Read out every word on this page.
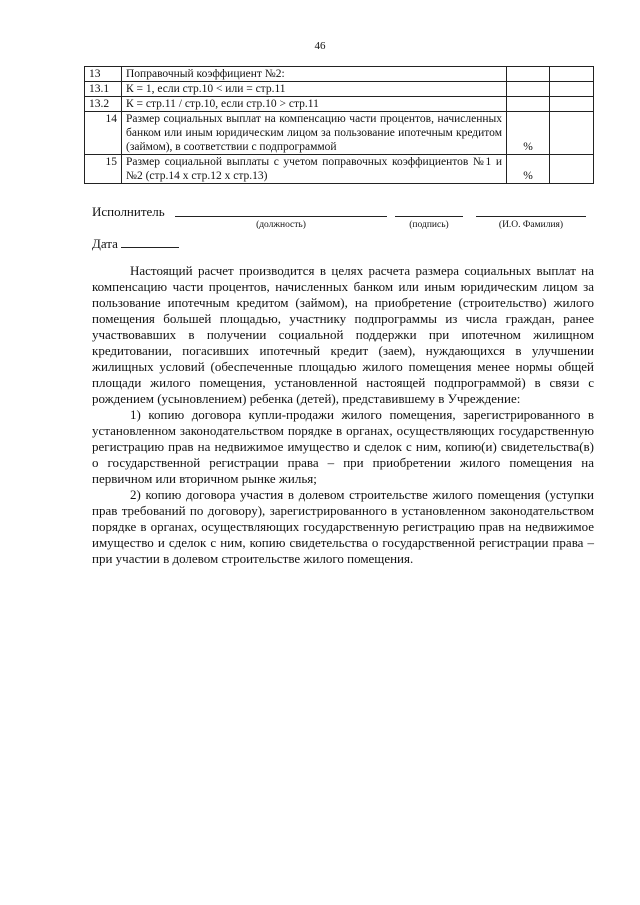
46
13	Поправочный коэффициент №2:		
13.1	К = 1, если стр.10 < или = стр.11		
13.2	К = стр.11 / стр.10, если стр.10 > стр.11		
14	Размер социальных выплат на компенсацию части процентов, начисленных банком или иным юридическим лицом за пользование ипотечным кредитом (займом), в соответствии с подпрограммой	%	
15	Размер социальной выплаты с учетом поправочных коэффициентов №1 и №2 (стр.14 х стр.12 х стр.13)	%	
Исполнитель
(должность)	(подпись)	(И.О. Фамилия)
Дата

Настоящий расчет производится в целях расчета размера социальных выплат на компенсацию части процентов, начисленных банком или иным юридическим лицом за пользование ипотечным кредитом (займом), на приобретение (строительство) жилого помещения большей площадью, участнику подпрограммы из числа граждан, ранее участвовавших в получении социальной поддержки при ипотечном жилищном кредитовании, погасивших ипотечный кредит (заем), нуждающихся в улучшении жилищных условий (обеспеченные площадью жилого помещения менее нормы общей площади жилого помещения, установленной настоящей подпрограммой) в связи с рождением (усыновлением) ребенка (детей), представившему в Учреждение:

1) копию договора купли-продажи жилого помещения, зарегистрированного в установленном законодательством порядке в органах, осуществляющих государственную регистрацию прав на недвижимое имущество и сделок с ним, копию(и) свидетельства(в) о государственной регистрации права – при приобретении жилого помещения на первичном или вторичном рынке жилья;

2) копию договора участия в долевом строительстве жилого помещения (уступки прав требований по договору), зарегистрированного в установленном законодательством порядке в органах, осуществляющих государственную регистрацию прав на недвижимое имущество и сделок с ним, копию свидетельства о государственной регистрации права – при участии в долевом строительстве жилого помещения.
